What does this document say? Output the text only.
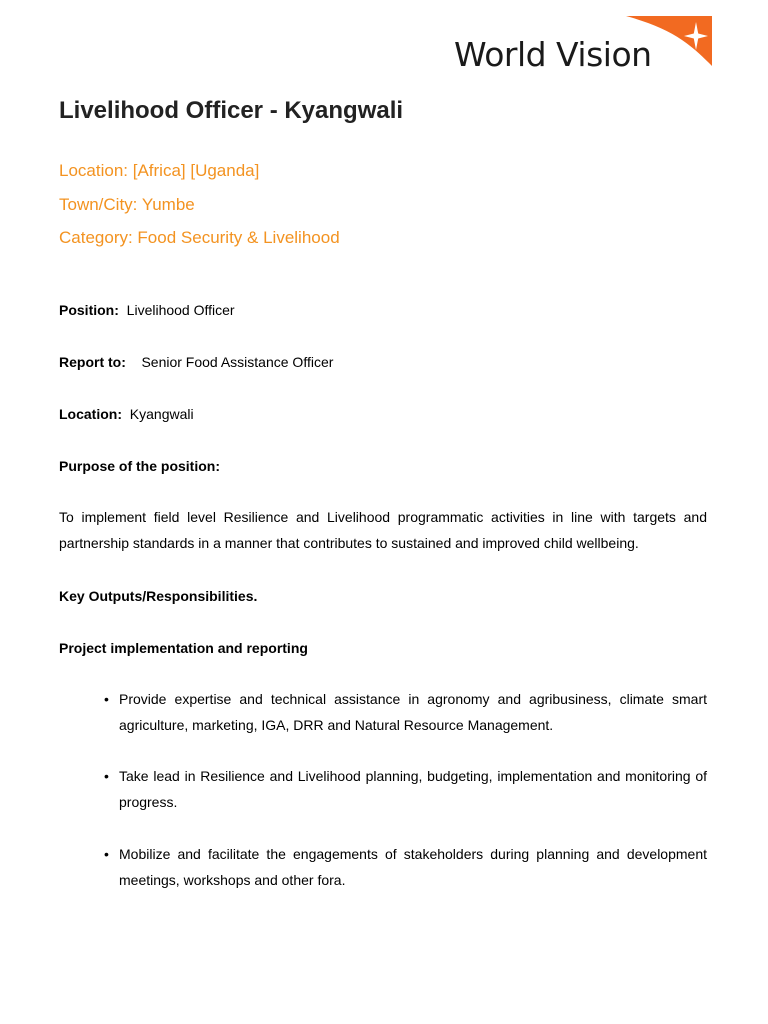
World Vision
Livelihood Officer - Kyangwali
Location: [Africa] [Uganda]
Town/City: Yumbe
Category: Food Security & Livelihood
Position: Livelihood Officer
Report to: Senior Food Assistance Officer
Location: Kyangwali
Purpose of the position:

To implement field level Resilience and Livelihood programmatic activities in line with targets and partnership standards in a manner that contributes to sustained and improved child wellbeing.

Key Outputs/Responsibilities.
Project implementation and reporting
• Provide expertise and technical assistance in agronomy and agribusiness, climate smart agriculture, marketing, IGA, DRR and Natural Resource Management.

• Take lead in Resilience and Livelihood planning, budgeting, implementation and monitoring of progress.

• Mobilize and facilitate the engagements of stakeholders during planning and development meetings, workshops and other fora.
